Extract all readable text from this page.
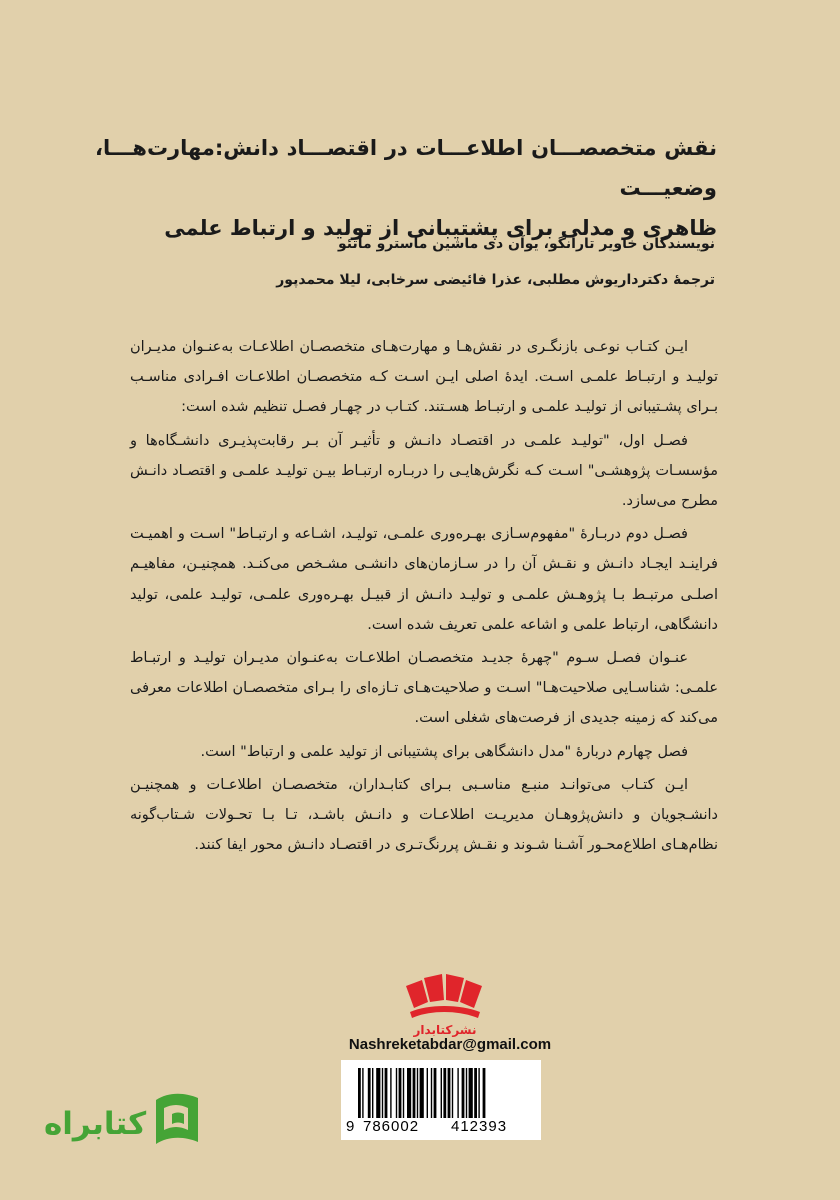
نقش متخصصـــان اطلاعـــات در اقتصـــاد دانش:مهارت‌هـــا، وضعیـــت
ظاهری و مدلی برای پشتیبانی از تولید و ارتباط علمی
نویسندگان خاویر تارانگو، یوآن دی ماشین ماسترو ماتئو
ترجمۀ دکترداریوش مطلبی، عذرا فائیضی سرخابی، لیلا محمدپور

ایـن کتـاب نوعـی بازنگـری در نقش‌هـا و مهارت‌هـای متخصصـان اطلاعـات به‌عنـوان مدیـران تولیـد و ارتبـاط علمـی اسـت. ایدۀ اصلی ایـن اسـت کـه متخصصـان اطلاعـات افـرادی مناسـب بـرای پشـتیبانی از تولیـد علمـی و ارتبـاط هسـتند. کتـاب در چهـار فصـل تنظیم شده است:

فصـل اول، "تولیـد علمـی در اقتصـاد دانـش و تأثیـر آن بـر رقابت‌پذیـری دانشـگاه‌ها و مؤسسـات پژوهشـی" اسـت کـه نگرش‌هایـی را دربـاره ارتبـاط بیـن تولیـد علمـی و اقتصـاد دانـش مطرح می‌سازد.

فصـل دوم دربـارۀ "مفهوم‌سـازی بهـره‌وری علمـی، تولیـد، اشـاعه و ارتبـاط" اسـت و اهمیـت فراینـد ایجـاد دانـش و نقـش آن را در سـازمان‌های دانشـی مشـخص می‌کنـد. همچنیـن، مفاهیـم اصلـی مرتبـط بـا پژوهـش علمـی و تولیـد دانـش از قبیـل بهـره‌وری علمـی، تولیـد علمی، تولید دانشگاهی، ارتباط علمی و اشاعه علمی تعریف شده است.

عنـوان فصـل سـوم "چهرۀ جدیـد متخصصـان اطلاعـات به‌عنـوان مدیـران تولیـد و ارتبـاط علمـی: شناسـایی صلاحیت‌هـا" اسـت و صلاحیت‌هـای تـازه‌ای را بـرای متخصصـان اطلاعات معرفی می‌کند که زمینه جدیدی از فرصت‌های شغلی است.

فصل چهارم دربارۀ "مدل دانشگاهی برای پشتیبانی از تولید علمی و ارتباط" است.

ایـن کتـاب می‌توانـد منبـع مناسـبی بـرای کتابـداران، متخصصـان اطلاعـات و همچنیـن دانشـجویان و دانش‌پژوهـان مدیریـت اطلاعـات و دانـش باشـد، تـا بـا تحـولات شـتاب‌گونه نظام‌هـای اطلاع‌محـور آشـنا شـوند و نقـش پررنگ‌تـری در اقتصـاد دانـش محور ایفا کنند.

نشرکتابدار
Nashreketabdar@gmail.com
9 786002 412393
کتابراه
